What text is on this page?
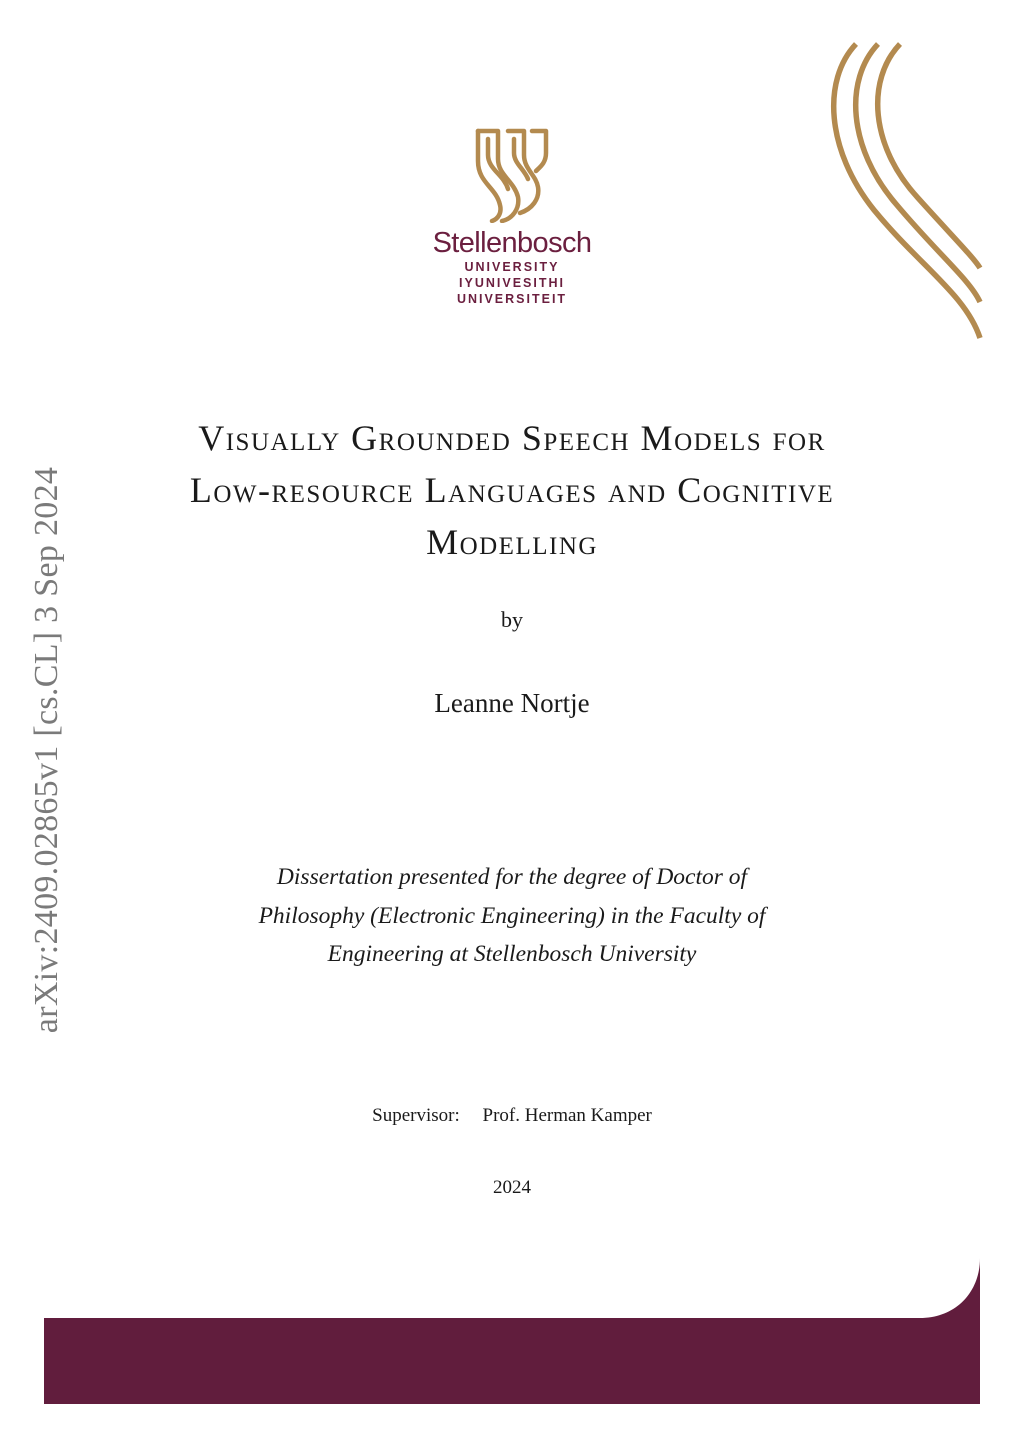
arXiv:2409.02865v1 [cs.CL] 3 Sep 2024
Stellenbosch
UNIVERSITY
IYUNIVESITHI
UNIVERSITEIT
Visually Grounded Speech Models for
Low-resource Languages and Cognitive
Modelling
by
Leanne Nortje
Dissertation presented for the degree of Doctor of
Philosophy (Electronic Engineering) in the Faculty of
Engineering at Stellenbosch University
Supervisor: Prof. Herman Kamper
2024
